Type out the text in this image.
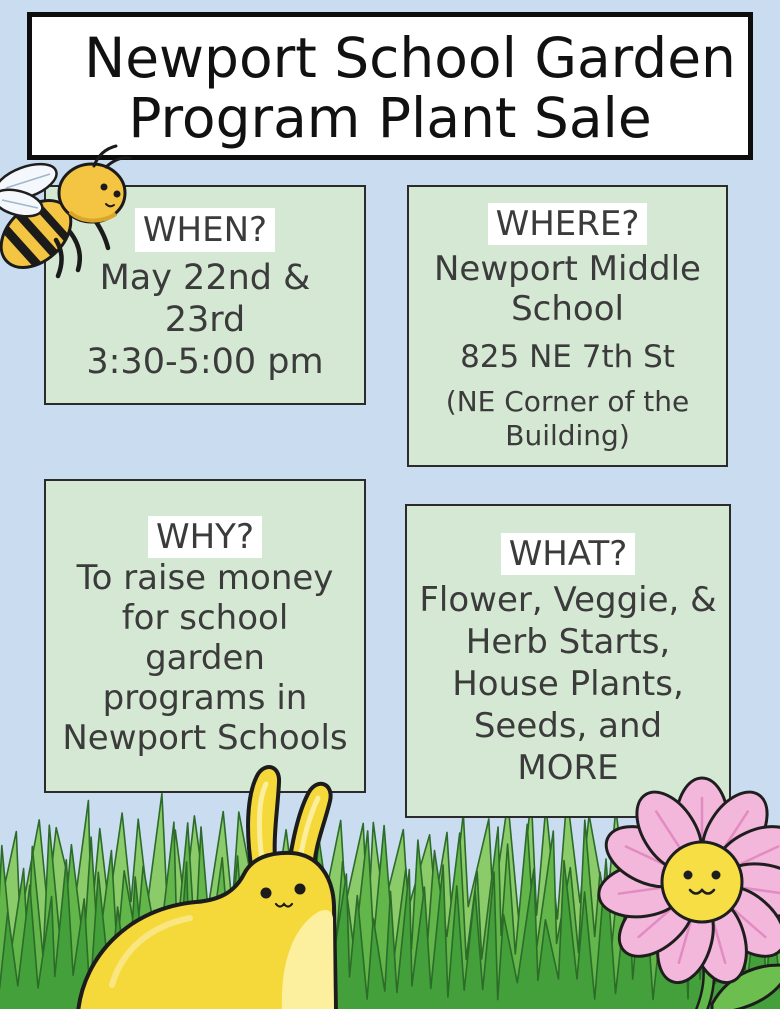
Newport School Garden
Program Plant Sale
WHEN?
May 22nd &
23rd
3:30-5:00 pm
WHERE?
Newport Middle
School
825 NE 7th St
(NE Corner of the
Building)
WHY?
To raise money
for school
garden
programs in
Newport Schools
WHAT?
Flower, Veggie, &
Herb Starts,
House Plants,
Seeds, and
MORE
